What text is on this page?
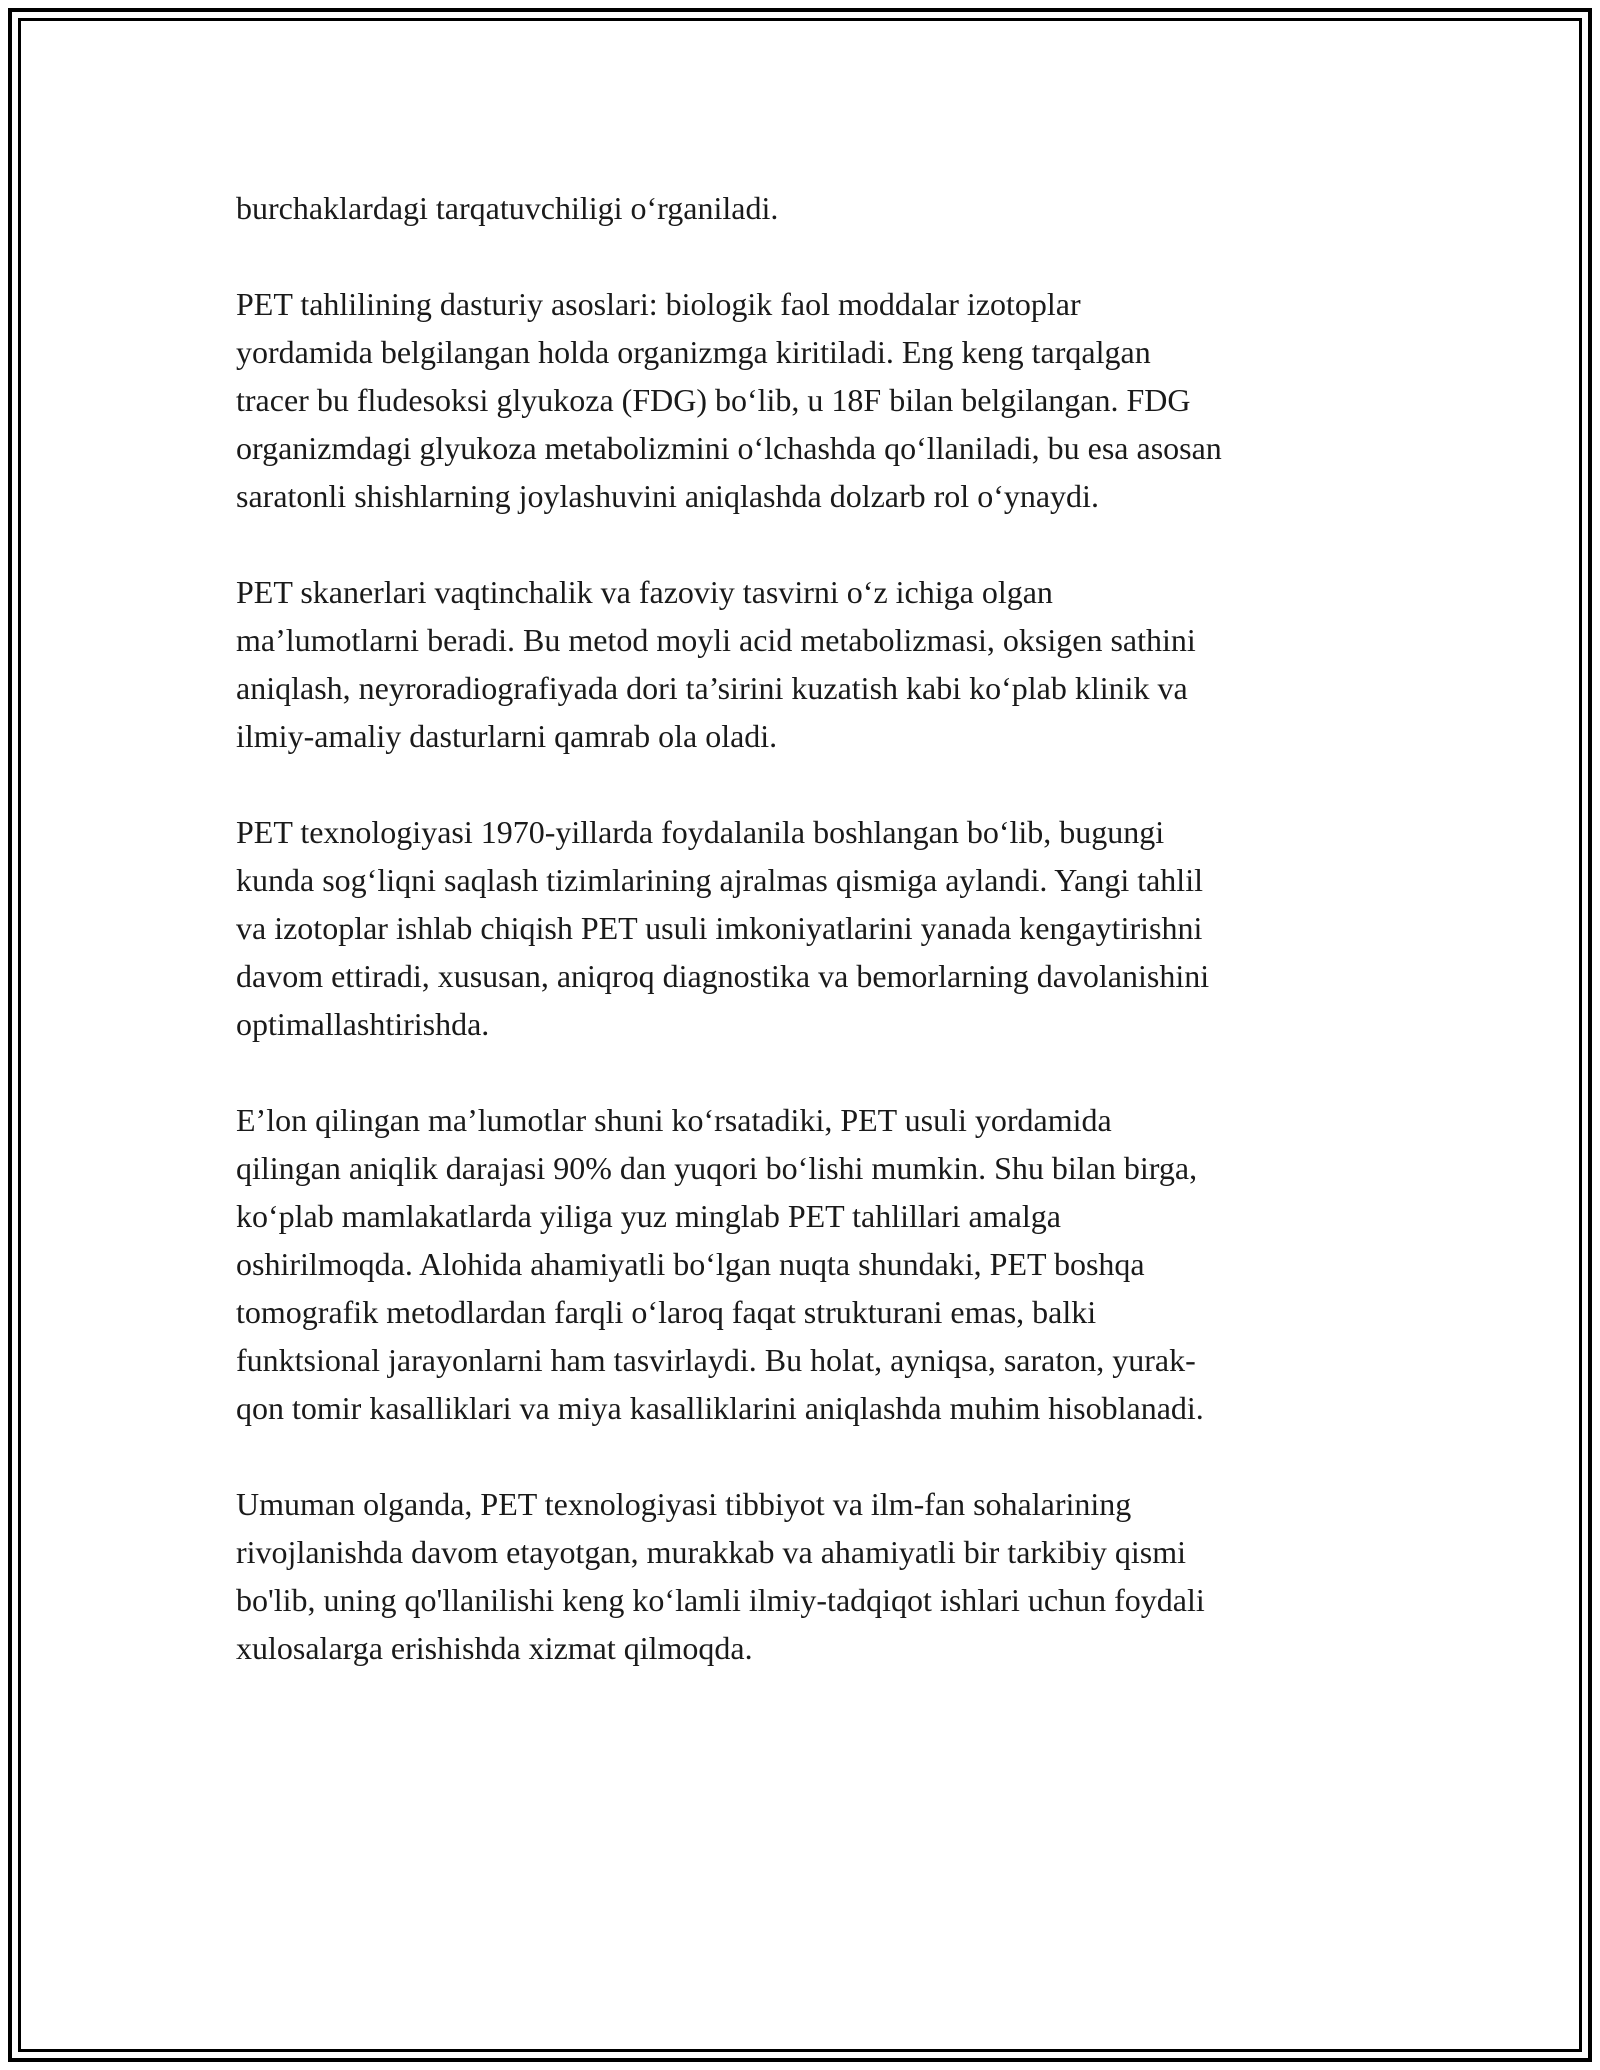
burchaklardagi tarqatuvchiligi o‘rganiladi.

PET tahlilining dasturiy asoslari: biologik faol moddalar izotoplar
yordamida belgilangan holda organizmga kiritiladi. Eng keng tarqalgan
tracer bu fludesoksi glyukoza (FDG) bo‘lib, u 18F bilan belgilangan. FDG
organizmdagi glyukoza metabolizmini o‘lchashda qo‘llaniladi, bu esa asosan
saratonli shishlarning joylashuvini aniqlashda dolzarb rol o‘ynaydi.

PET skanerlari vaqtinchalik va fazoviy tasvirni o‘z ichiga olgan
ma’lumotlarni beradi. Bu metod moyli acid metabolizmasi, oksigen sathini
aniqlash, neyroradiografiyada dori ta’sirini kuzatish kabi ko‘plab klinik va
ilmiy-amaliy dasturlarni qamrab ola oladi.

PET texnologiyasi 1970-yillarda foydalanila boshlangan bo‘lib, bugungi
kunda sog‘liqni saqlash tizimlarining ajralmas qismiga aylandi. Yangi tahlil
va izotoplar ishlab chiqish PET usuli imkoniyatlarini yanada kengaytirishni
davom ettiradi, xususan, aniqroq diagnostika va bemorlarning davolanishini
optimallashtirishda.

E’lon qilingan ma’lumotlar shuni ko‘rsatadiki, PET usuli yordamida
qilingan aniqlik darajasi 90% dan yuqori bo‘lishi mumkin. Shu bilan birga,
ko‘plab mamlakatlarda yiliga yuz minglab PET tahlillari amalga
oshirilmoqda. Alohida ahamiyatli bo‘lgan nuqta shundaki, PET boshqa
tomografik metodlardan farqli o‘laroq faqat strukturani emas, balki
funktsional jarayonlarni ham tasvirlaydi. Bu holat, ayniqsa, saraton, yurak-
qon tomir kasalliklari va miya kasalliklarini aniqlashda muhim hisoblanadi.

Umuman olganda, PET texnologiyasi tibbiyot va ilm-fan sohalarining
rivojlanishda davom etayotgan, murakkab va ahamiyatli bir tarkibiy qismi
bo'lib, uning qo'llanilishi keng ko‘lamli ilmiy-tadqiqot ishlari uchun foydali
xulosalarga erishishda xizmat qilmoqda.
